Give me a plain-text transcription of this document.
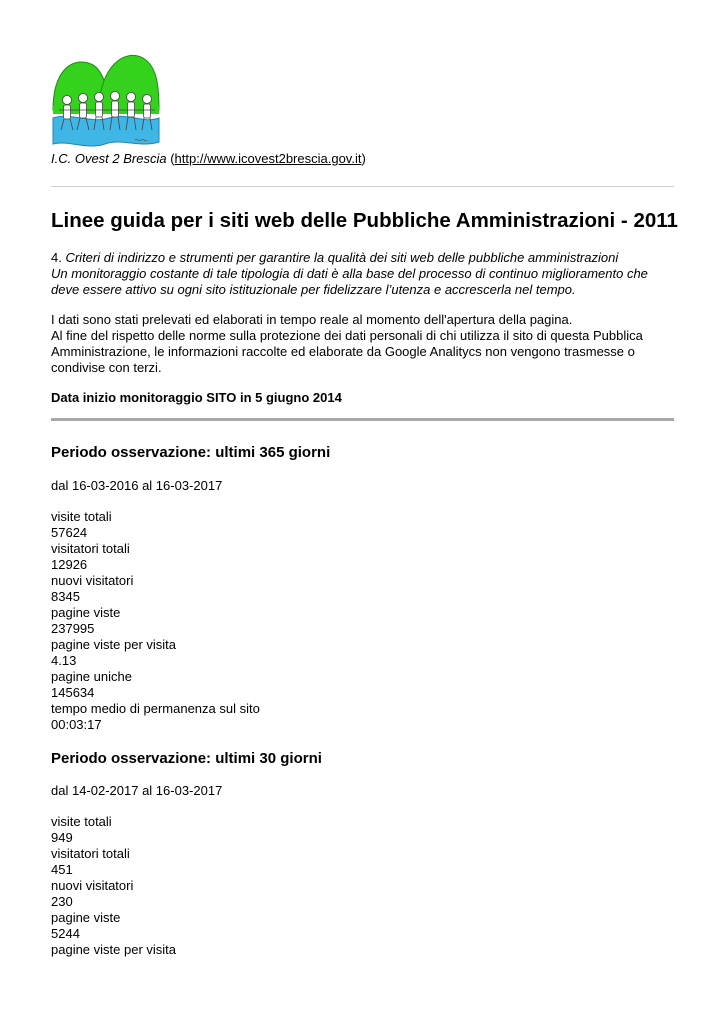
I.C. Ovest 2 Brescia (http://www.icovest2brescia.gov.it)
Linee guida per i siti web delle Pubbliche Amministrazioni - 2011
4. Criteri di indirizzo e strumenti per garantire la qualità dei siti web delle pubbliche amministrazioni
Un monitoraggio costante di tale tipologia di dati è alla base del processo di continuo miglioramento che deve essere attivo su ogni sito istituzionale per fidelizzare l’utenza e accrescerla nel tempo.

I dati sono stati prelevati ed elaborati in tempo reale al momento dell'apertura della pagina.

Al fine del rispetto delle norme sulla protezione dei dati personali di chi utilizza il sito di questa Pubblica Amministrazione, le informazioni raccolte ed elaborate da Google Analitycs non vengono trasmesse o condivise con terzi.

Data inizio monitoraggio SITO in 5 giugno 2014
Periodo osservazione: ultimi 365 giorni
dal 16-03-2016 al 16-03-2017
visite totali
57624
visitatori totali
12926
nuovi visitatori
8345
pagine viste
237995
pagine viste per visita
4.13
pagine uniche
145634
tempo medio di permanenza sul sito
00:03:17
Periodo osservazione: ultimi 30 giorni
dal 14-02-2017 al 16-03-2017
visite totali
949
visitatori totali
451
nuovi visitatori
230
pagine viste
5244
pagine viste per visita
